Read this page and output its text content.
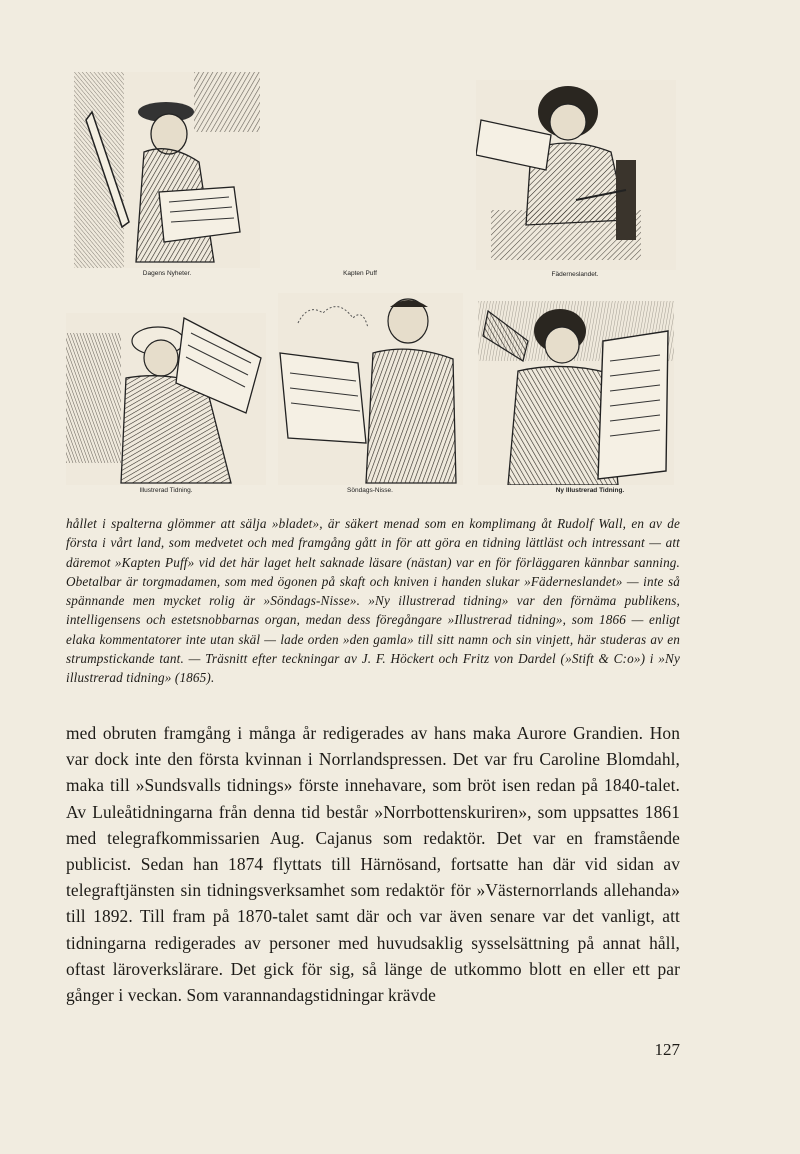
Dagens Nyheter.	Kapten Puff	Fäderneslandet.
Illustrerad Tidning.	Söndags-Nisse.	Ny Illustrerad Tidning.

hållet i spalterna glömmer att sälja »bladet», är säkert menad som en komplimang åt Rudolf Wall, en av de första i vårt land, som medvetet och med framgång gått in för att göra en tidning lättläst och intressant — att däremot »Kapten Puff» vid det här laget helt saknade läsare (nästan) var en för förläggaren kännbar sanning. Obetalbar är torgmadamen, som med ögonen på skaft och kniven i handen slukar »Fäderneslandet» — inte så spännande men mycket rolig är »Söndags-Nisse». »Ny illustrerad tidning» var den förnäma publikens, intelligensens och estetsnobbarnas organ, medan dess föregångare »Illustrerad tidning», som 1866 — enligt elaka kommentatorer inte utan skäl — lade orden »den gamla» till sitt namn och sin vinjett, här studeras av en strumpstickande tant. — Träsnitt efter teckningar av J. F. Höckert och Fritz von Dardel (»Stift & C:o») i »Ny illustrerad tidning» (1865).

med obruten framgång i många år redigerades av hans maka Aurore Grandien. Hon var dock inte den första kvinnan i Norrlandspressen. Det var fru Caroline Blomdahl, maka till »Sundsvalls tidnings» förste innehavare, som bröt isen redan på 1840-talet. Av Luleåtidningarna från denna tid består »Norrbottenskuriren», som uppsattes 1861 med telegrafkommissarien Aug. Cajanus som redaktör. Det var en framstående publicist. Sedan han 1874 flyttats till Härnösand, fortsatte han där vid sidan av telegraftjänsten sin tidningsverksamhet som redaktör för »Västernorrlands allehanda» till 1892. Till fram på 1870-talet samt där och var även senare var det vanligt, att tidningarna redigerades av personer med huvudsaklig sysselsättning på annat håll, oftast läroverkslärare. Det gick för sig, så länge de utkommo blott en eller ett par gånger i veckan. Som varannandagstidningar krävde

127
